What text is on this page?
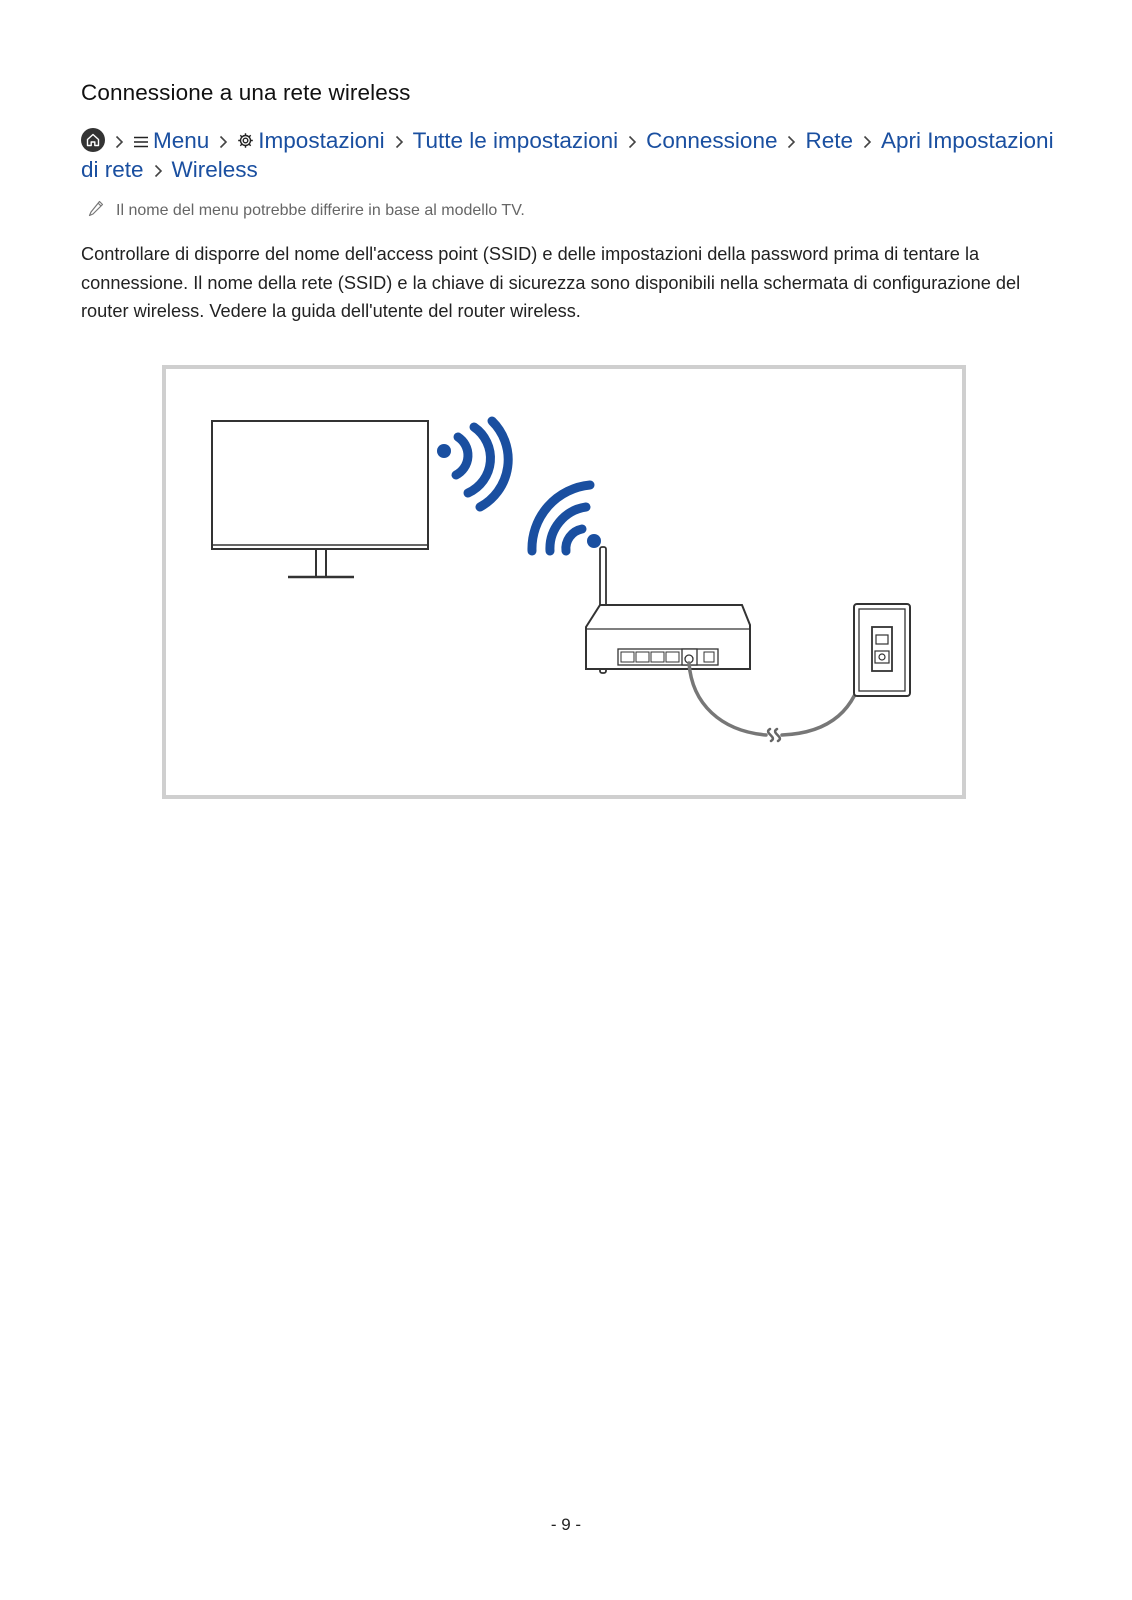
Connessione a una rete wireless
Menu Impostazioni Tutte le impostazioni Connessione Rete Apri Impostazioni di rete Wireless
Il nome del menu potrebbe differire in base al modello TV.
Controllare di disporre del nome dell'access point (SSID) e delle impostazioni della password prima di tentare la connessione. Il nome della rete (SSID) e la chiave di sicurezza sono disponibili nella schermata di configurazione del router wireless. Vedere la guida dell'utente del router wireless.
- 9 -
